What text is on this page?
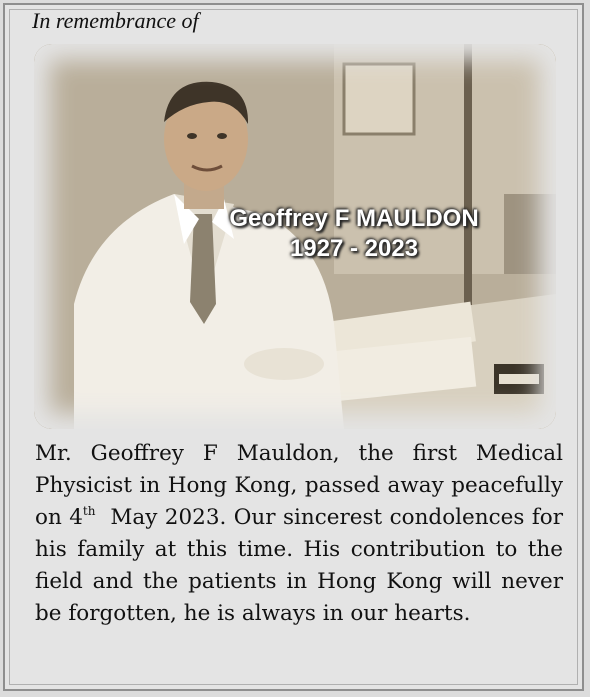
In remembrance of
Geoffrey F MAULDON
1927 - 2023

Mr. Geoffrey F Mauldon, the first Medical Physicist in Hong Kong, passed away peacefully on 4th  May 2023. Our sincerest condolences for his family at this time. His contribution to the field and the patients in Hong Kong will never be forgotten, he is always in our hearts.
